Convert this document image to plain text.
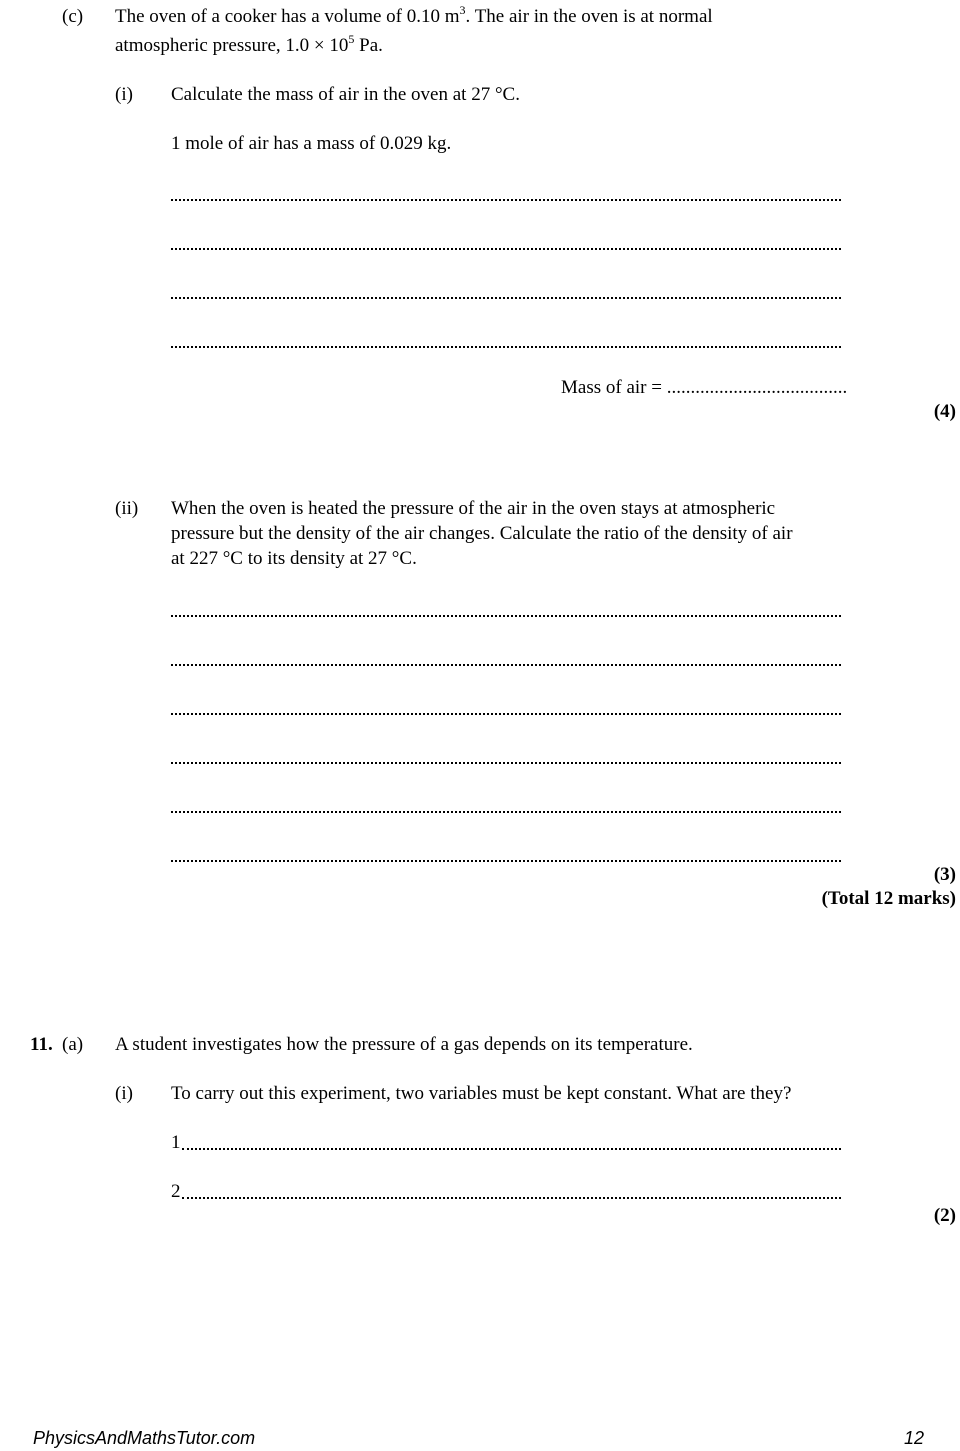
(c) The oven of a cooker has a volume of 0.10 $m^3$. The air in the oven is at normal
atmospheric pressure, $1.0 \times 10^5$ Pa.
(i) Calculate the mass of air in the oven at 27 °C.
1 mole of air has a mass of 0.029 kg.
Mass of air = ......................................
(4)
(ii) When the oven is heated the pressure of the air in the oven stays at atmospheric
pressure but the density of the air changes. Calculate the ratio of the density of air
at 227 °C to its density at 27 °C.
(3)
(Total 12 marks)
11. (a) A student investigates how the pressure of a gas depends on its temperature.
(i) To carry out this experiment, two variables must be kept constant. What are they?
1
2
(2)
PhysicsAndMathsTutor.com	12
